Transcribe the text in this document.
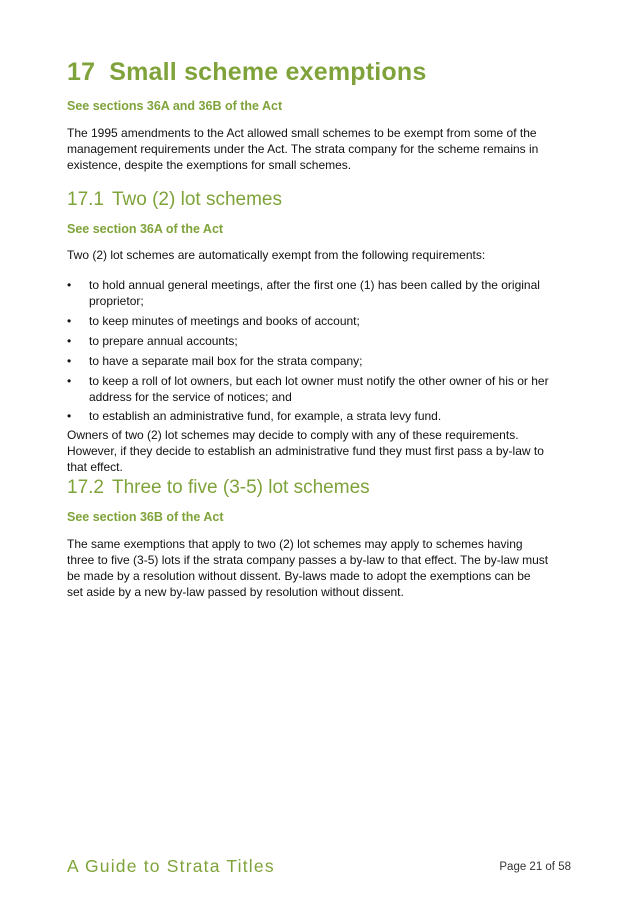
17 Small scheme exemptions
See sections 36A and 36B of the Act
The 1995 amendments to the Act allowed small schemes to be exempt from some of the management requirements under the Act. The strata company for the scheme remains in existence, despite the exemptions for small schemes.
17.1 Two (2) lot schemes
See section 36A of the Act
Two (2) lot schemes are automatically exempt from the following requirements:
• to hold annual general meetings, after the first one (1) has been called by the original proprietor;
• to keep minutes of meetings and books of account;
• to prepare annual accounts;
• to have a separate mail box for the strata company;
• to keep a roll of lot owners, but each lot owner must notify the other owner of his or her address for the service of notices; and
• to establish an administrative fund, for example, a strata levy fund.
Owners of two (2) lot schemes may decide to comply with any of these requirements. However, if they decide to establish an administrative fund they must first pass a by-law to that effect.
17.2 Three to five (3-5) lot schemes
See section 36B of the Act
The same exemptions that apply to two (2) lot schemes may apply to schemes having three to five (3-5) lots if the strata company passes a by-law to that effect. The by-law must be made by a resolution without dissent. By-laws made to adopt the exemptions can be set aside by a new by-law passed by resolution without dissent.
A Guide to Strata Titles	Page 21 of 58
